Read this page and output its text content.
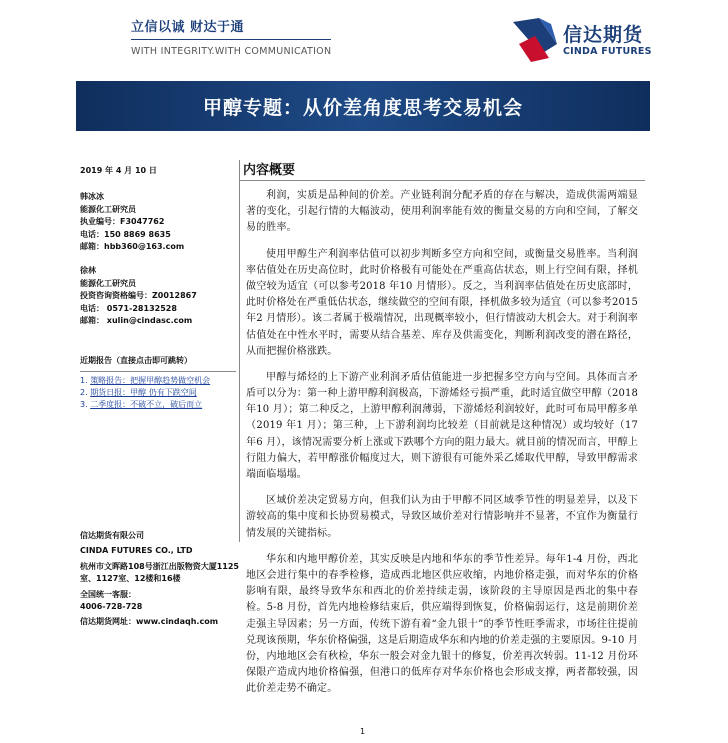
立信以诚 财达于通
WITH INTEGRITY.WITH COMMUNICATION
信达期货
CINDA FUTURES
甲醇专题：从价差角度思考交易机会
2019 年 4 月 10 日
韩冰冰
能源化工研究员
执业编号：F3047762
电话：150 8869 8635
邮箱：hbb360@163.com
徐林
能源化工研究员
投资咨询资格编号：Z0012867
电话： 0571-28132528
邮箱： xulin@cindasc.com
近期报告（直接点击即可跳转）
1. 策略报告：把握甲醇趋势做空机会
2. 期货日报：甲醇 仍有下跌空间
3. 二季度报：不破不立，破后而立
信达期货有限公司
CINDA FUTURES CO., LTD
杭州市文晖路108号浙江出版物资大厦1125室、1127室、12楼和16楼
全国统一客服：
4006-728-728
信达期货网址：www.cindaqh.com
内容概要

利润，实质是品种间的价差。产业链利润分配矛盾的存在与解决，造成供需两端显著的变化，引起行情的大幅波动，使用利润率能有效的衡量交易的方向和空间，了解交易的胜率。

使用甲醇生产利润率估值可以初步判断多空方向和空间，或衡量交易胜率。当利润率估值处在历史高位时，此时价格极有可能处在严重高估状态，则上行空间有限，择机做空较为适宜（可以参考2018 年10 月情形）。反之，当利润率估值处在历史底部时，此时价格处在严重低估状态，继续做空的空间有限，择机做多较为适宜（可以参考2015 年2 月情形）。该二者属于极端情况，出现概率较小，但行情波动大机会大。对于利润率估值处在中性水平时，需要从结合基差、库存及供需变化，判断利润改变的潜在路径，从而把握价格涨跌。

甲醇与烯烃的上下游产业利润矛盾估值能进一步把握多空方向与空间。具体而言矛盾可以分为：第一种上游甲醇利润极高，下游烯烃亏损严重，此时适宜做空甲醇（2018 年10 月）；第二种反之，上游甲醇利润薄弱，下游烯烃利润较好，此时可布局甲醇多单（2019 年1 月）；第三种，上下游利润均比较差（目前就是这种情况）或均较好（17 年6 月），该情况需要分析上涨或下跌哪个方向的阻力最大。就目前的情况而言，甲醇上行阻力偏大，若甲醇涨价幅度过大，则下游很有可能外采乙烯取代甲醇，导致甲醇需求端面临塌塌。

区域价差决定贸易方向，但我们认为由于甲醇不同区域季节性的明显差异，以及下游较高的集中度和长协贸易模式，导致区域价差对行情影响并不显著，不宜作为衡量行情发展的关键指标。

华东和内地甲醇价差，其实反映是内地和华东的季节性差异。每年1-4 月份，西北地区会进行集中的春季检修，造成西北地区供应收缩，内地价格走强，而对华东的价格影响有限，最终导致华东和西北的价差持续走弱，该阶段的主导原因是西北的集中春检。5-8 月份，首先内地检修结束后，供应端得到恢复，价格偏弱运行，这是前期价差走强主导因素；另一方面，传统下游有着“金九银十”的季节性旺季需求，市场往往提前兑现该预期，华东价格偏强，这是后期造成华东和内地的价差走强的主要原因。9-10 月份，内地地区会有秋检，华东一般会对金九银十的修复，价差再次转弱。11-12 月份环保限产造成内地价格偏强，但港口的低库存对华东价格也会形成支撑，两者都较强，因此价差走势不确定。

1
